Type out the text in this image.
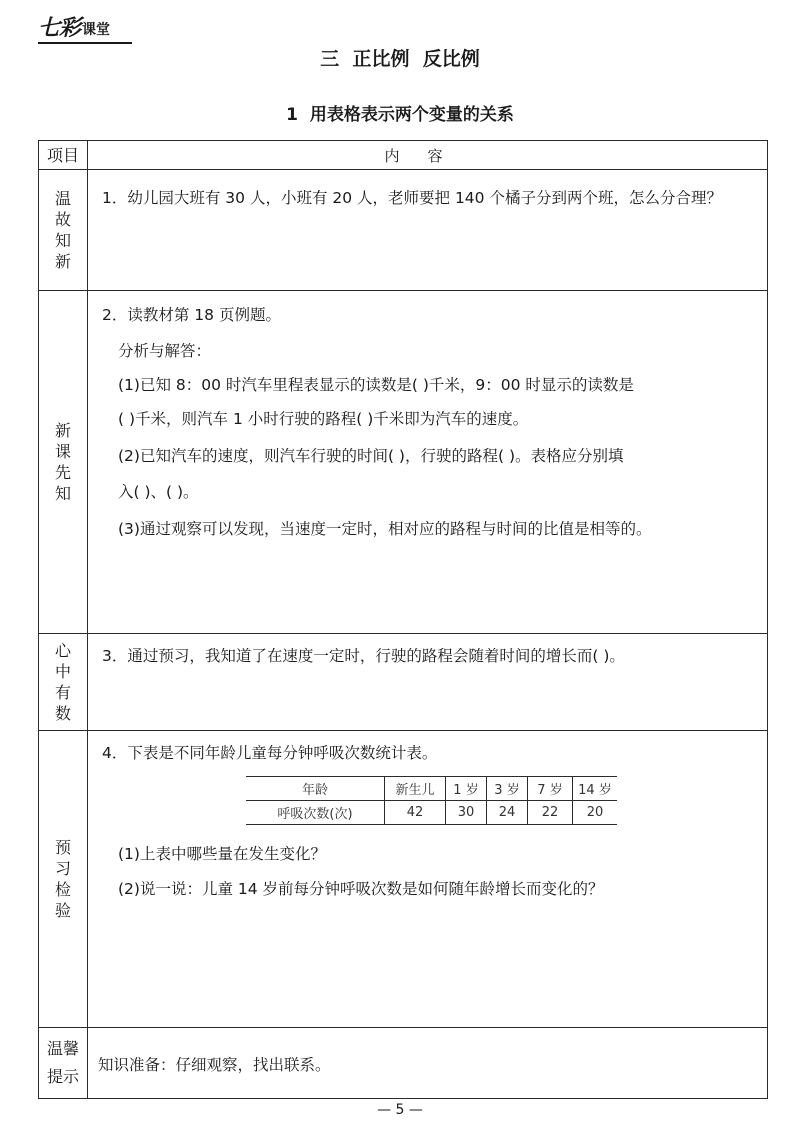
七彩 课堂
三  正比例  反比例
1  用表格表示两个变量的关系
项目	内容
温故知新	
1．幼儿园大班有 30 人，小班有 20 人，老师要把 140 个橘子分到两个班，怎么分合理？

新课先知	
2．读教材第 18 页例题。
分析与解答：
(1)已知 8：00 时汽车里程表显示的读数是( )千米，9：00 时显示的读数是
( )千米，则汽车 1 小时行驶的路程( )千米即为汽车的速度。
(2)已知汽车的速度，则汽车行驶的时间( )，行驶的路程( )。表格应分别填
入( )、( )。
(3)通过观察可以发现，当速度一定时，相对应的路程与时间的比值是相等的。

心中有数	
3．通过预习，我知道了在速度一定时，行驶的路程会随着时间的增长而( )。

预习检验	
4．下表是不同年龄儿童每分钟呼吸次数统计表。
年龄	新生儿	1 岁	3 岁	7 岁	14 岁
呼吸次数(次)	42	30	24	22	20
(1)上表中哪些量在发生变化？
(2)说一说：儿童 14 岁前每分钟呼吸次数是如何随年龄增长而变化的？

温馨提示	
知识准备：仔细观察，找出联系。
— 5 —
